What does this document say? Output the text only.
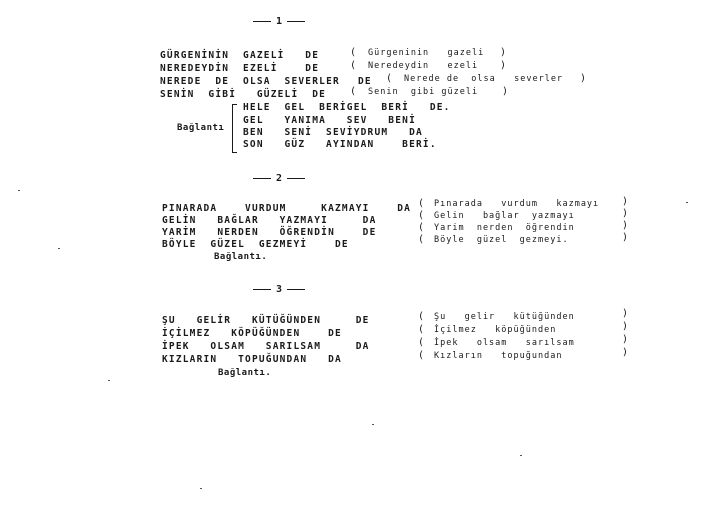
1
GÜRGENİNİN  GAZELİ   DE
NEREDEYDİN  EZELİ    DE
NEREDE  DE  OLSA  SEVERLER DE
SENİN  GİBİ   GÜZELİ  DE
(
(
(
(
Gürgeninin   gazeli
Neredeydin   ezeli
Nerede de  olsa   severler
Senin  gibi güzeli
)
)
)
)
Bağlantı
HELE  GEL  BERİGEL  BERİ   DE.
GEL   YANIMA   SEV   BENİ
BEN   SENİ  SEVİYDRUM   DA
SON   GÜZ   AYINDAN    BERİ.
2
PINARADA    VURDUM     KAZMAYI    DA
GELİN   BAĞLAR   YAZMAYI     DA
YARİM   NERDEN   ÖĞRENDİN    DE
BÖYLE  GÜZEL  GEZMEYİ    DE
Bağlantı.
(
(
(
(
Pınarada   vurdum   kazmayı
Gelin   bağlar  yazmayı
Yarim  nerden  öğrendin
Böyle  güzel  gezmeyi.
)
)
)
)
3
ŞU   GELİR   KÜTÜĞÜNDEN     DE
İÇİLMEZ   KÖPÜĞÜNDEN    DE
İPEK   OLSAM   SARILSAM     DA
KIZLARIN   TOPUĞUNDAN   DA
Bağlantı.
(
(
(
(
Şu   gelir   kütüğünden
İçilmez   köpüğünden
İpek   olsam   sarılsam
Kızların   topuğundan
)
)
)
)
